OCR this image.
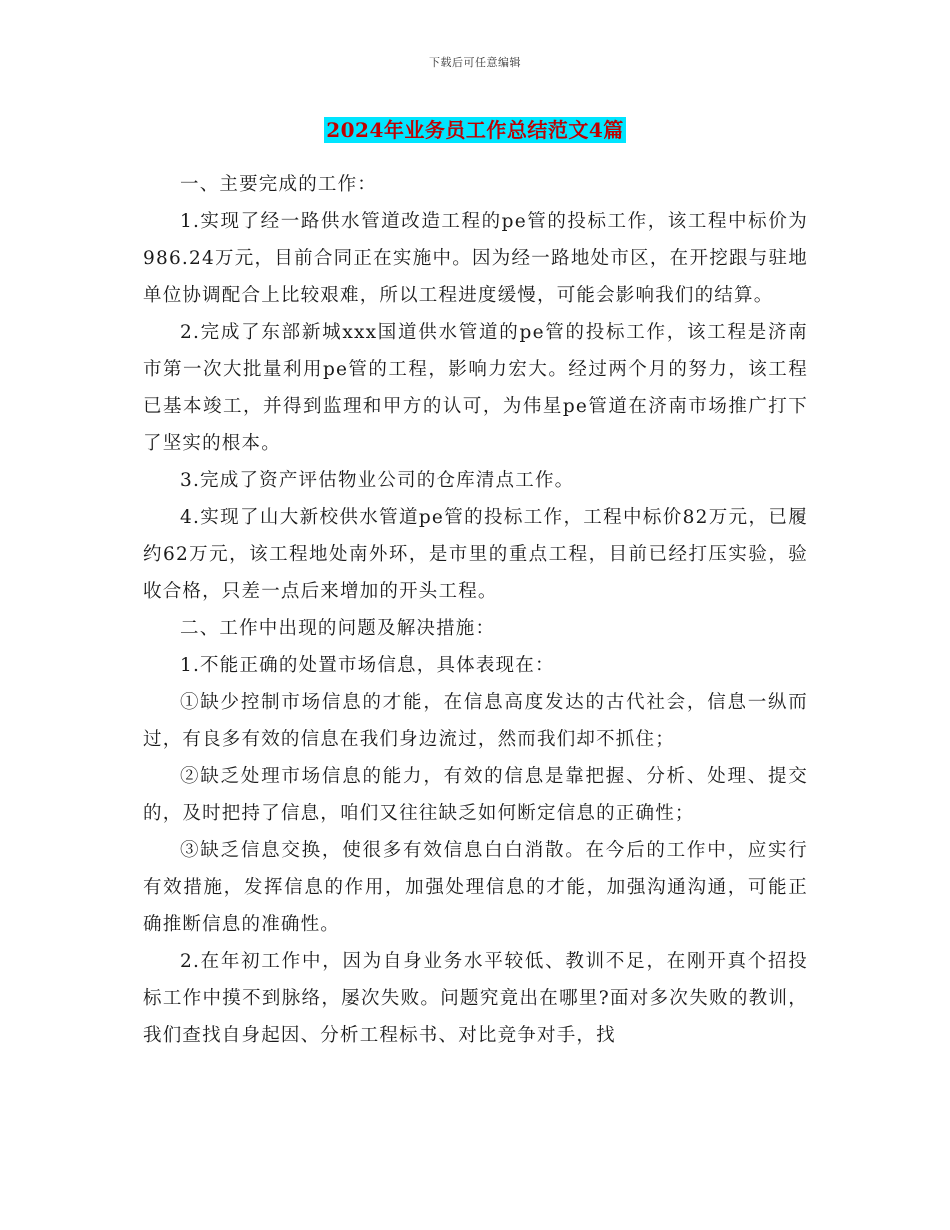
下载后可任意编辑
2024年业务员工作总结范文4篇

一、主要完成的工作：

1.实现了经一路供水管道改造工程的pe管的投标工作，该工程中标价为986.24万元，目前合同正在实施中。因为经一路地处市区，在开挖跟与驻地单位协调配合上比较艰难，所以工程进度缓慢，可能会影响我们的结算。

2.完成了东部新城xxx国道供水管道的pe管的投标工作，该工程是济南市第一次大批量利用pe管的工程，影响力宏大。经过两个月的努力，该工程已基本竣工，并得到监理和甲方的认可，为伟星pe管道在济南市场推广打下了坚实的根本。

3.完成了资产评估物业公司的仓库清点工作。

4.实现了山大新校供水管道pe管的投标工作，工程中标价82万元，已履约62万元，该工程地处南外环，是市里的重点工程，目前已经打压实验，验收合格，只差一点后来增加的开头工程。

二、工作中出现的问题及解决措施：

1.不能正确的处置市场信息，具体表现在：

①缺少控制市场信息的才能，在信息高度发达的古代社会，信息一纵而过，有良多有效的信息在我们身边流过，然而我们却不抓住；

②缺乏处理市场信息的能力，有效的信息是靠把握、分析、处理、提交的，及时把持了信息，咱们又往往缺乏如何断定信息的正确性；

③缺乏信息交换，使很多有效信息白白消散。在今后的工作中，应实行有效措施，发挥信息的作用，加强处理信息的才能，加强沟通沟通，可能正确推断信息的准确性。

2.在年初工作中，因为自身业务水平较低、教训不足，在刚开真个招投标工作中摸不到脉络，屡次失败。问题究竟出在哪里?面对多次失败的教训，我们查找自身起因、分析工程标书、对比竞争对手，找
